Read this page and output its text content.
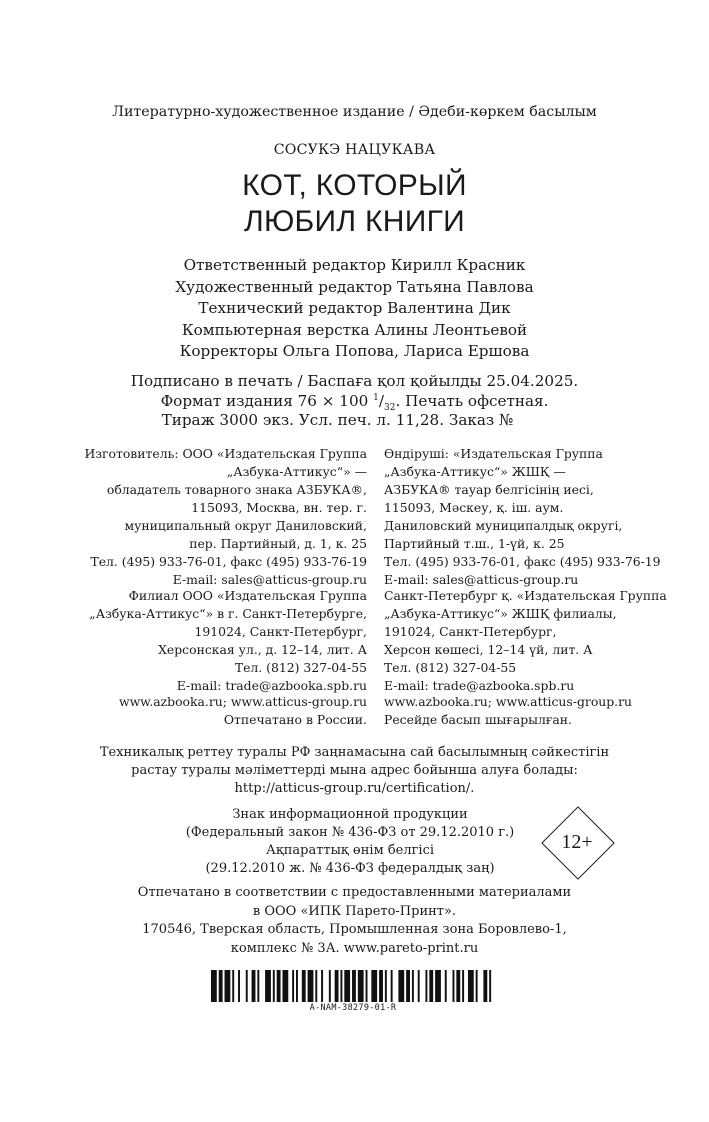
Литературно-художественное издание / Әдеби-көркем басылым
СОСУКЭ НАЦУКАВА
КОТ, КОТОРЫЙ
ЛЮБИЛ КНИГИ
Ответственный редактор Кирилл Красник
Художественный редактор Татьяна Павлова
Технический редактор Валентина Дик
Компьютерная верстка Алины Леонтьевой
Корректоры Ольга Попова, Лариса Ершова
Подписано в печать / Баспаға қол қойылды 25.04.2025.
Формат издания 76 × 100 $^1/_{32}$. Печать офсетная.
Тираж 3000 экз. Усл. печ. л. 11,28. Заказ №
Изготовитель: ООО «Издательская Группа
„Азбука-Аттикус“» —
обладатель товарного знака АЗБУКА®,
115093, Москва, вн. тер. г.
муниципальный округ Даниловский,
пер. Партийный, д. 1, к. 25
Тел. (495) 933-76-01, факс (495) 933-76-19
E-mail: sales@atticus-group.ru
Өндіруші: «Издательская Группа
„Азбука-Аттикус“» ЖШҚ —
АЗБУКА® тауар белгісінің иесі,
115093, Мәскеу, қ. іш. аум.
Даниловский муниципалдық округі,
Партийный т.ш., 1-үй, к. 25
Тел. (495) 933-76-01, факс (495) 933-76-19
E-mail: sales@atticus-group.ru
Филиал ООО «Издательская Группа
„Азбука-Аттикус“» в г. Санкт-Петербурге,
191024, Санкт-Петербург,
Херсонская ул., д. 12–14, лит. А
Тел. (812) 327-04-55
E-mail: trade@azbooka.spb.ru
Санкт-Петербург қ. «Издательская Группа
„Азбука-Аттикус“» ЖШҚ филиалы,
191024, Санкт-Петербург,
Херсон көшесі, 12–14 үй, лит. А
Тел. (812) 327-04-55
E-mail: trade@azbooka.spb.ru
www.azbooka.ru; www.atticus-group.ru
Отпечатано в России.
www.azbooka.ru; www.atticus-group.ru
Ресейде басып шығарылған.
Техникалық реттеу туралы РФ заңнамасына сай басылымның сәйкестігін
растау туралы мәліметтерді мына адрес бойынша алуға болады:
http://atticus-group.ru/certification/.
Знак информационной продукции
(Федеральный закон № 436-ФЗ от 29.12.2010 г.)
Ақпараттық өнім белгісі
(29.12.2010 ж. № 436-ФЗ федералдық заң)
12+
Отпечатано в соответствии с предоставленными материалами
в ООО «ИПК Парето-Принт».
170546, Тверская область, Промышленная зона Боровлево-1,
комплекс № 3А. www.pareto-print.ru
A-NAM-38279-01-R
